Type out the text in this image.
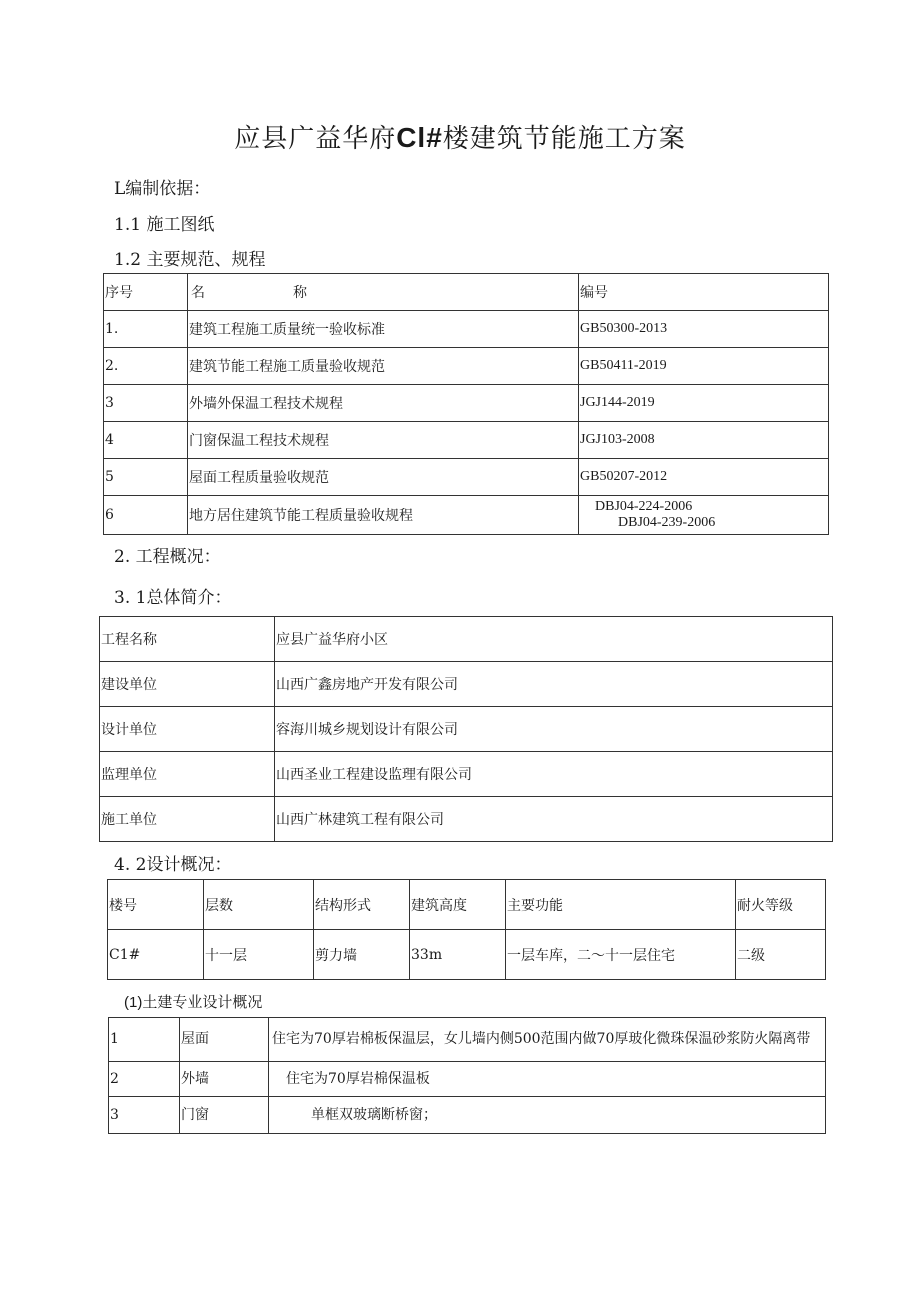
应县广益华府Cl#楼建筑节能施工方案
L编制依据：
1.1 施工图纸
1.2 主要规范、规程
序号	名 称	编号
1.	建筑工程施工质量统一验收标准	GB50300-2013
2.	建筑节能工程施工质量验收规范	GB50411-2019
3	外墙外保温工程技术规程	JGJ144-2019
4	门窗保温工程技术规程	JGJ103-2008
5	屋面工程质量验收规范	GB50207-2012
6	地方居住建筑节能工程质量验收规程	DBJ04-224-2006
DBJ04-239-2006
2. 工程概况：
3. 1总体简介：
工程名称	应县广益华府小区
建设单位	山西广鑫房地产开发有限公司
设计单位	容海川城乡规划设计有限公司
监理单位	山西圣业工程建设监理有限公司
施工单位	山西广林建筑工程有限公司
4. 2设计概况：
楼号	层数	结构形式	建筑高度	主要功能	耐火等级
C1#	十一层	剪力墙	33m	一层车库，二～十一层住宅	二级
(1)土建专业设计概况
1	屋面	住宅为70厚岩棉板保温层，女儿墙内侧500范围内做70厚玻化微珠保温砂浆防火隔离带
2	外墙	住宅为70厚岩棉保温板
3	门窗	单框双玻璃断桥窗；
